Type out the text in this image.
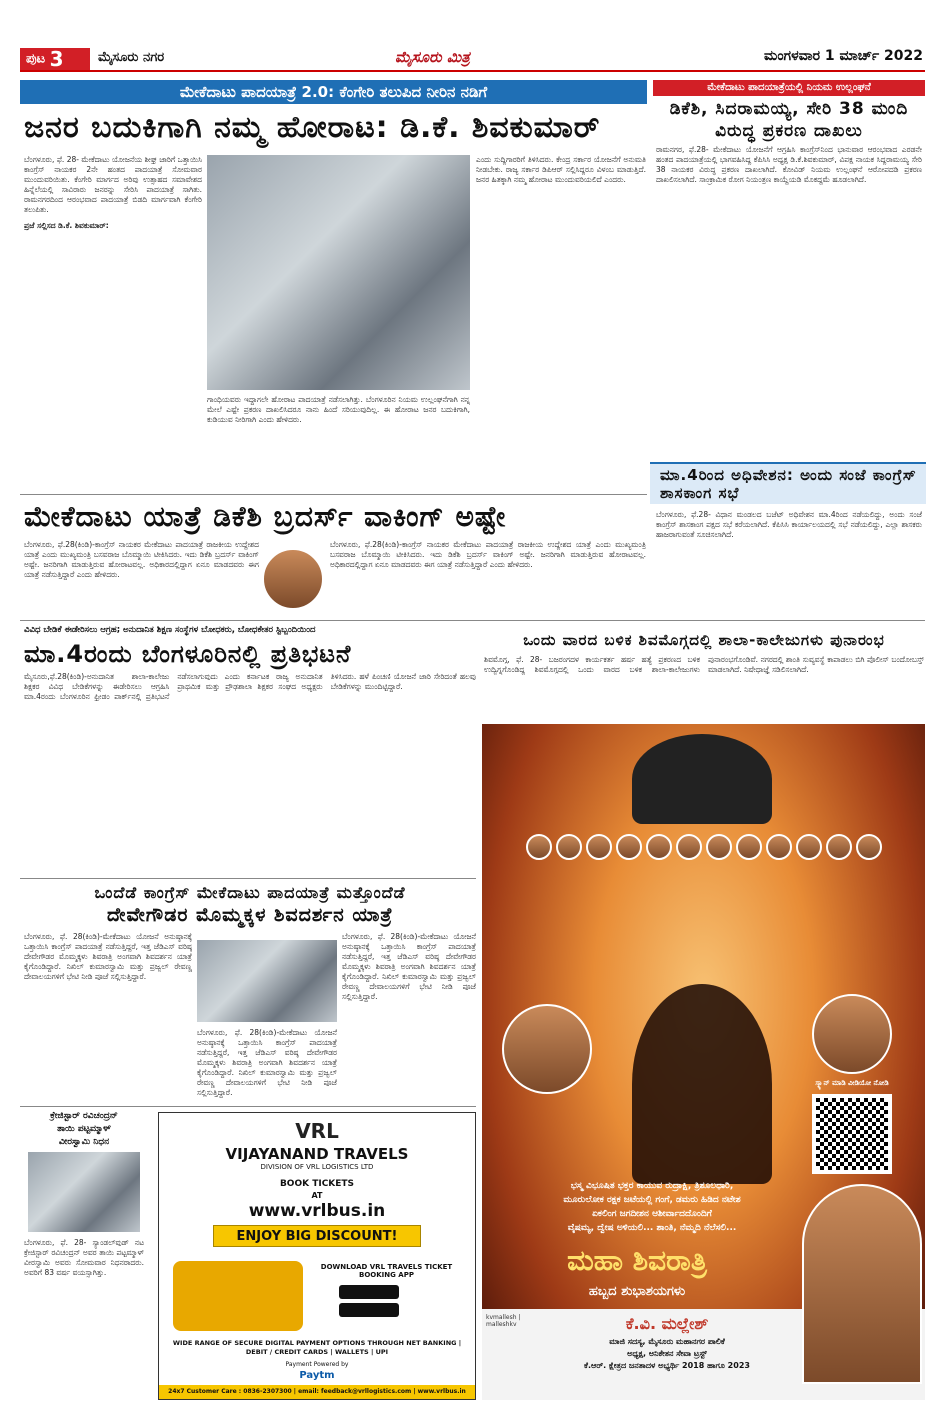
ಪುಟ 3	ಮೈಸೂರು ನಗರ	ಮೈಸೂರು ಮಿತ್ರ	ಮಂಗಳವಾರ 1 ಮಾರ್ಚ್ 2022
ಮೇಕೆದಾಟು ಪಾದಯಾತ್ರೆ 2.0: ಕೆಂಗೇರಿ ತಲುಪಿದ ನೀರಿನ ನಡಿಗೆ
ಜನರ ಬದುಕಿಗಾಗಿ ನಮ್ಮ ಹೋರಾಟ: ಡಿ.ಕೆ. ಶಿವಕುಮಾರ್
ಬೆಂಗಳೂರು, ಫೆ. 28- ಮೇಕೆದಾಟು ಯೋಜನೆಯ ಶೀಘ್ರ ಜಾರಿಗೆ ಒತ್ತಾಯಿಸಿ ಕಾಂಗ್ರೆಸ್ ನಾಯಕರ 2ನೇ ಹಂತದ ಪಾದಯಾತ್ರೆ ಸೋಮವಾರ ಮುಂದುವರಿಯಿತು. ಕೆಂಗೇರಿ ಮಾರ್ಗದ ಅರಿವು ಉತ್ಸಾಹದ ಸಮಾವೇಶದ ಹಿನ್ನೆಲೆಯಲ್ಲಿ ಸಾವಿರಾರು ಜನರನ್ನು ಸೇರಿಸಿ ಪಾದಯಾತ್ರೆ ಸಾಗಿತು. ರಾಮನಗರದಿಂದ ಆರಂಭವಾದ ಪಾದಯಾತ್ರೆ ಬಿಡದಿ ಮಾರ್ಗವಾಗಿ ಕೆಂಗೇರಿ ತಲುಪಿತು.
ಪ್ರಜೆ ಸಲ್ಲಿಸದ ಡಿ.ಕೆ. ಶಿವಕುಮಾರ್:
ಗಾಂಧಿಯವರು ಇದ್ದಾಗಲೇ ಹೋರಾಟ ಪಾದಯಾತ್ರೆ ನಡೆಸಲಾಗಿತ್ತು. ಬೆಂಗಳೂರಿನ ನಿಯಮ ಉಲ್ಲಂಘನೆಗಾಗಿ ನನ್ನ ಮೇಲೆ ಎಷ್ಟೇ ಪ್ರಕರಣ ದಾಖಲಿಸಿದರೂ ನಾನು ಹಿಂದೆ ಸರಿಯುವುದಿಲ್ಲ. ಈ ಹೋರಾಟ ಜನರ ಬದುಕಿಗಾಗಿ, ಕುಡಿಯುವ ನೀರಿಗಾಗಿ ಎಂದು ಹೇಳಿದರು.
ಎಂದು ಸುದ್ದಿಗಾರರಿಗೆ ತಿಳಿಸಿದರು. ಕೇಂದ್ರ ಸರ್ಕಾರ ಯೋಜನೆಗೆ ಅನುಮತಿ ನೀಡಬೇಕು. ರಾಜ್ಯ ಸರ್ಕಾರ ಡಿಪಿಆರ್ ಸಲ್ಲಿಸಿದ್ದರೂ ವಿಳಂಬ ಮಾಡುತ್ತಿದೆ. ಜನರ ಹಿತಕ್ಕಾಗಿ ನಮ್ಮ ಹೋರಾಟ ಮುಂದುವರಿಯಲಿದೆ ಎಂದರು.
ಮೇಕೆದಾಟು ಪಾದಯಾತ್ರೆಯಲ್ಲಿ ನಿಯಮ ಉಲ್ಲಂಘನೆ
ಡಿಕೆಶಿ, ಸಿದರಾಮಯ್ಯ, ಸೇರಿ 38 ಮಂದಿ ವಿರುದ್ಧ ಪ್ರಕರಣ ದಾಖಲು
ರಾಮನಗರ, ಫೆ.28- ಮೇಕೆದಾಟು ಯೋಜನೆಗೆ ಆಗ್ರಹಿಸಿ ಕಾಂಗ್ರೆಸ್‌ನಿಂದ ಭಾನುವಾರ ಆರಂಭವಾದ ಎರಡನೇ ಹಂತದ ಪಾದಯಾತ್ರೆಯಲ್ಲಿ ಭಾಗವಹಿಸಿದ್ದ ಕೆಪಿಸಿಸಿ ಅಧ್ಯಕ್ಷ ಡಿ.ಕೆ.ಶಿವಕುಮಾರ್, ವಿಪಕ್ಷ ನಾಯಕ ಸಿದ್ದರಾಮಯ್ಯ ಸೇರಿ 38 ನಾಯಕರ ವಿರುದ್ಧ ಪ್ರಕರಣ ದಾಖಲಾಗಿದೆ. ಕೋವಿಡ್ ನಿಯಮ ಉಲ್ಲಂಘನೆ ಆರೋಪದಡಿ ಪ್ರಕರಣ ದಾಖಲಿಸಲಾಗಿದೆ. ಸಾಂಕ್ರಾಮಿಕ ರೋಗ ನಿಯಂತ್ರಣ ಕಾಯ್ದೆಯಡಿ ಮೊಕದ್ದಮೆ ಹೂಡಲಾಗಿದೆ.
ಮಾ.4ರಿಂದ ಅಧಿವೇಶನ: ಅಂದು ಸಂಜೆ ಕಾಂಗ್ರೆಸ್ ಶಾಸಕಾಂಗ ಸಭೆ
ಬೆಂಗಳೂರು, ಫೆ.28- ವಿಧಾನ ಮಂಡಲದ ಬಜೆಟ್ ಅಧಿವೇಶನ ಮಾ.4ರಿಂದ ನಡೆಯಲಿದ್ದು, ಅಂದು ಸಂಜೆ ಕಾಂಗ್ರೆಸ್ ಶಾಸಕಾಂಗ ಪಕ್ಷದ ಸಭೆ ಕರೆಯಲಾಗಿದೆ. ಕೆಪಿಸಿಸಿ ಕಾರ್ಯಾಲಯದಲ್ಲಿ ಸಭೆ ನಡೆಯಲಿದ್ದು, ಎಲ್ಲಾ ಶಾಸಕರು ಹಾಜರಾಗುವಂತೆ ಸೂಚಿಸಲಾಗಿದೆ.
ಮೇಕೆದಾಟು ಯಾತ್ರೆ ಡಿಕೆಶಿ ಬ್ರದರ್ಸ್ ವಾಕಿಂಗ್ ಅಷ್ಟೇ
ಬೆಂಗಳೂರು, ಫೆ.28(ಕಿಂಡಿ)-ಕಾಂಗ್ರೆಸ್ ನಾಯಕರ ಮೇಕೆದಾಟು ಪಾದಯಾತ್ರೆ ರಾಜಕೀಯ ಉದ್ದೇಶದ ಯಾತ್ರೆ ಎಂದು ಮುಖ್ಯಮಂತ್ರಿ ಬಸವರಾಜ ಬೊಮ್ಮಾಯಿ ಟೀಕಿಸಿದರು. ಇದು ಡಿಕೆಶಿ ಬ್ರದರ್ಸ್ ವಾಕಿಂಗ್ ಅಷ್ಟೇ. ಜನರಿಗಾಗಿ ಮಾಡುತ್ತಿರುವ ಹೋರಾಟವಲ್ಲ. ಅಧಿಕಾರದಲ್ಲಿದ್ದಾಗ ಏನೂ ಮಾಡದವರು ಈಗ ಯಾತ್ರೆ ನಡೆಸುತ್ತಿದ್ದಾರೆ ಎಂದು ಹೇಳಿದರು.
ಬೆಂಗಳೂರು, ಫೆ.28(ಕಿಂಡಿ)-ಕಾಂಗ್ರೆಸ್ ನಾಯಕರ ಮೇಕೆದಾಟು ಪಾದಯಾತ್ರೆ ರಾಜಕೀಯ ಉದ್ದೇಶದ ಯಾತ್ರೆ ಎಂದು ಮುಖ್ಯಮಂತ್ರಿ ಬಸವರಾಜ ಬೊಮ್ಮಾಯಿ ಟೀಕಿಸಿದರು. ಇದು ಡಿಕೆಶಿ ಬ್ರದರ್ಸ್ ವಾಕಿಂಗ್ ಅಷ್ಟೇ. ಜನರಿಗಾಗಿ ಮಾಡುತ್ತಿರುವ ಹೋರಾಟವಲ್ಲ. ಅಧಿಕಾರದಲ್ಲಿದ್ದಾಗ ಏನೂ ಮಾಡದವರು ಈಗ ಯಾತ್ರೆ ನಡೆಸುತ್ತಿದ್ದಾರೆ ಎಂದು ಹೇಳಿದರು.
ವಿವಿಧ ಬೇಡಿಕೆ ಈಡೇರಿಸಲು ಆಗ್ರಹ; ಅನುದಾನಿತ ಶಿಕ್ಷಣ ಸಂಸ್ಥೆಗಳ ಬೋಧಕರು, ಬೋಧಕೇತರ ಸ್ಟಿಬ್ಬಂದಿಯಿಂದ
ಮಾ.4ರಂದು ಬೆಂಗಳೂರಿನಲ್ಲಿ ಪ್ರತಿಭಟನೆ
ಮೈಸೂರು,ಫೆ.28(ಕಿಂಡಿ)-ಅನುದಾನಿತ ಶಾಲಾ-ಕಾಲೇಜು ಶಿಕ್ಷಕರ ವಿವಿಧ ಬೇಡಿಕೆಗಳನ್ನು ಈಡೇರಿಸಲು ಆಗ್ರಹಿಸಿ ಮಾ.4ರಂದು ಬೆಂಗಳೂರಿನ ಫ್ರೀಡಂ ಪಾರ್ಕ್‌ನಲ್ಲಿ ಪ್ರತಿಭಟನೆ ನಡೆಸಲಾಗುವುದು ಎಂದು ಕರ್ನಾಟಕ ರಾಜ್ಯ ಅನುದಾನಿತ ಪ್ರಾಥಮಿಕ ಮತ್ತು ಪ್ರೌಢಶಾಲಾ ಶಿಕ್ಷಕರ ಸಂಘದ ಅಧ್ಯಕ್ಷರು ತಿಳಿಸಿದರು. ಹಳೆ ಪಿಂಚಣಿ ಯೋಜನೆ ಜಾರಿ ಸೇರಿದಂತೆ ಹಲವು ಬೇಡಿಕೆಗಳನ್ನು ಮುಂದಿಟ್ಟಿದ್ದಾರೆ.
ಒಂದು ವಾರದ ಬಳಿಕ ಶಿವಮೊಗ್ಗದಲ್ಲಿ ಶಾಲಾ-ಕಾಲೇಜುಗಳು ಪುನಾರಂಭ
ಶಿವಮೊಗ್ಗ, ಫೆ. 28- ಬಜರಂಗದಳ ಕಾರ್ಯಕರ್ತ ಹರ್ಷ ಹತ್ಯೆ ಪ್ರಕರಣದ ಬಳಿಕ ಉದ್ವಿಗ್ನಗೊಂಡಿದ್ದ ಶಿವಮೊಗ್ಗದಲ್ಲಿ ಒಂದು ವಾರದ ಬಳಿಕ ಶಾಲಾ-ಕಾಲೇಜುಗಳು ಪುನಾರಂಭಗೊಂಡಿವೆ. ನಗರದಲ್ಲಿ ಶಾಂತಿ ಸುವ್ಯವಸ್ಥೆ ಕಾಪಾಡಲು ಬಿಗಿ ಪೊಲೀಸ್ ಬಂದೋಬಸ್ತ್ ಮಾಡಲಾಗಿದೆ. ನಿಷೇಧಾಜ್ಞೆ ಸಡಿಲಿಸಲಾಗಿದೆ.
ಒಂದೆಡೆ ಕಾಂಗ್ರೆಸ್ ಮೇಕೆದಾಟು ಪಾದಯಾತ್ರೆ ಮತ್ತೊಂದೆಡೆ
ದೇವೇಗೌಡರ ಮೊಮ್ಮಕ್ಕಳ ಶಿವದರ್ಶನ ಯಾತ್ರೆ
ಬೆಂಗಳೂರು, ಫೆ. 28(ಕಿಂಡಿ)-ಮೇಕೆದಾಟು ಯೋಜನೆ ಅನುಷ್ಠಾನಕ್ಕೆ ಒತ್ತಾಯಿಸಿ ಕಾಂಗ್ರೆಸ್ ಪಾದಯಾತ್ರೆ ನಡೆಸುತ್ತಿದ್ದರೆ, ಇತ್ತ ಜೆಡಿಎಸ್ ವರಿಷ್ಠ ದೇವೇಗೌಡರ ಮೊಮ್ಮಕ್ಕಳು ಶಿವರಾತ್ರಿ ಅಂಗವಾಗಿ ಶಿವದರ್ಶನ ಯಾತ್ರೆ ಕೈಗೊಂಡಿದ್ದಾರೆ. ನಿಖಿಲ್ ಕುಮಾರಸ್ವಾಮಿ ಮತ್ತು ಪ್ರಜ್ವಲ್ ರೇವಣ್ಣ ದೇವಾಲಯಗಳಿಗೆ ಭೇಟಿ ನೀಡಿ ಪೂಜೆ ಸಲ್ಲಿಸುತ್ತಿದ್ದಾರೆ.
ಬೆಂಗಳೂರು, ಫೆ. 28(ಕಿಂಡಿ)-ಮೇಕೆದಾಟು ಯೋಜನೆ ಅನುಷ್ಠಾನಕ್ಕೆ ಒತ್ತಾಯಿಸಿ ಕಾಂಗ್ರೆಸ್ ಪಾದಯಾತ್ರೆ ನಡೆಸುತ್ತಿದ್ದರೆ, ಇತ್ತ ಜೆಡಿಎಸ್ ವರಿಷ್ಠ ದೇವೇಗೌಡರ ಮೊಮ್ಮಕ್ಕಳು ಶಿವರಾತ್ರಿ ಅಂಗವಾಗಿ ಶಿವದರ್ಶನ ಯಾತ್ರೆ ಕೈಗೊಂಡಿದ್ದಾರೆ. ನಿಖಿಲ್ ಕುಮಾರಸ್ವಾಮಿ ಮತ್ತು ಪ್ರಜ್ವಲ್ ರೇವಣ್ಣ ದೇವಾಲಯಗಳಿಗೆ ಭೇಟಿ ನೀಡಿ ಪೂಜೆ ಸಲ್ಲಿಸುತ್ತಿದ್ದಾರೆ.
ಬೆಂಗಳೂರು, ಫೆ. 28(ಕಿಂಡಿ)-ಮೇಕೆದಾಟು ಯೋಜನೆ ಅನುಷ್ಠಾನಕ್ಕೆ ಒತ್ತಾಯಿಸಿ ಕಾಂಗ್ರೆಸ್ ಪಾದಯಾತ್ರೆ ನಡೆಸುತ್ತಿದ್ದರೆ, ಇತ್ತ ಜೆಡಿಎಸ್ ವರಿಷ್ಠ ದೇವೇಗೌಡರ ಮೊಮ್ಮಕ್ಕಳು ಶಿವರಾತ್ರಿ ಅಂಗವಾಗಿ ಶಿವದರ್ಶನ ಯಾತ್ರೆ ಕೈಗೊಂಡಿದ್ದಾರೆ. ನಿಖಿಲ್ ಕುಮಾರಸ್ವಾಮಿ ಮತ್ತು ಪ್ರಜ್ವಲ್ ರೇವಣ್ಣ ದೇವಾಲಯಗಳಿಗೆ ಭೇಟಿ ನೀಡಿ ಪೂಜೆ ಸಲ್ಲಿಸುತ್ತಿದ್ದಾರೆ.
ಕ್ರೇಜಿಸ್ಟಾರ್ ರವಿಚಂದ್ರನ್
ತಾಯಿ ಪಟ್ಟಮ್ಮಾಳ್
ವೀರಸ್ವಾಮಿ ನಿಧನ
ಬೆಂಗಳೂರು, ಫೆ. 28- ಸ್ಯಾಂಡಲ್‌ವುಡ್ ನಟ ಕ್ರೇಜಿಸ್ಟಾರ್ ರವಿಚಂದ್ರನ್ ಅವರ ತಾಯಿ ಪಟ್ಟಮ್ಮಾಳ್ ವೀರಸ್ವಾಮಿ ಅವರು ಸೋಮವಾರ ನಿಧನರಾದರು. ಅವರಿಗೆ 83 ವರ್ಷ ವಯಸ್ಸಾಗಿತ್ತು.
VRL
VIJAYANAND TRAVELS
DIVISION OF VRL LOGISTICS LTD
BOOK TICKETS
AT
www.vrlbus.in
ENJOY BIG DISCOUNT!
DOWNLOAD VRL TRAVELS TICKET BOOKING APP
WIDE RANGE OF SECURE DIGITAL PAYMENT OPTIONS THROUGH NET BANKING | DEBIT / CREDIT CARDS | WALLETS | UPI
Payment Powered by
Paytm
24x7 Customer Care : 0836-2307300 | email: feedback@vrllogistics.com | www.vrlbus.in
ಸ್ಕ್ಯಾನ್ ಮಾಡಿ ವೀಡಿಯೋ ನೋಡಿ
ಭಸ್ಮ ವಿಭೂಷಿತ ಭಕ್ತರ ಕಾಯುವ ರುದ್ರಾಕ್ಷಿ, ತ್ರಿಶೂಲಧಾರಿ,
ಮೂರುಲೋಕ ರಕ್ಷಕ ಜಟೆಯಲ್ಲಿ ಗಂಗೆ, ಡಮರು ಹಿಡಿದ ನಟೇಶ
ಏಕಲಿಂಗ ಜಗದೀಶನ ಆಶೀರ್ವಾದದೊಂದಿಗೆ
ವೈಷಮ್ಯ, ದ್ವೇಷ ಅಳಿಯಲಿ... ಶಾಂತಿ, ನೆಮ್ಮದಿ ನೆಲೆಸಲಿ...
ಮಹಾ ಶಿವರಾತ್ರಿ
ಹಬ್ಬದ ಶುಭಾಶಯಗಳು
kvmallesh | malleshkv	ಕೆ.ವಿ. ಮಲ್ಲೇಶ್
ಮಾಜಿ ಸದಸ್ಯ, ಮೈಸೂರು ಮಹಾನಗರ ಪಾಲಿಕೆ
ಅಧ್ಯಕ್ಷ, ಅನಿಕೇತನ ಸೇವಾ ಟ್ರಸ್ಟ್
ಕೆ.ಆರ್. ಕ್ಷೇತ್ರದ ಜನತಾದಳ ಅಭ್ಯರ್ಥಿ 2018 ಹಾಗೂ 2023
